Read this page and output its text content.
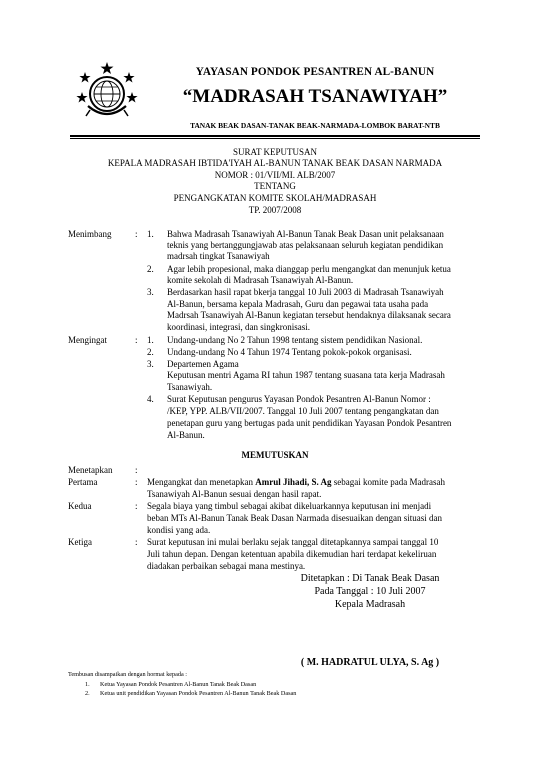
YAYASAN PONDOK PESANTREN AL-BANUN
“MADRASAH TSANAWIYAH”
TANAK BEAK DASAN-TANAK BEAK-NARMADA-LOMBOK BARAT-NTB
SURAT KEPUTUSAN
KEPALA MADRASAH IBTIDA'IYAH AL-BANUN TANAK BEAK DASAN NARMADA
NOMOR : 01/VII/MI. ALB/2007
TENTANG
PENGANGKATAN KOMITE SKOLAH/MADRASAH
TP. 2007/2008
Menimbang	: 1. Bahwa Madrasah Tsanawiyah Al-Banun Tanak Beak Dasan unit pelaksanaan
teknis yang bertanggungjawab atas pelaksanaan seluruh kegiatan pendidikan
madrsah tingkat Tsanawiyah
2. Agar lebih propesional, maka dianggap perlu mengangkat dan menunjuk ketua
komite sekolah di Madrasah Tsanawiyah Al-Banun.
3. Berdasarkan hasil rapat bkerja tanggal 10 Juli 2003 di Madrasah Tsanawiyah
Al-Banun, bersama kepala Madrasah, Guru dan pegawai tata usaha pada
Madrsah Tsanawiyah Al-Banun kegiatan tersebut hendaknya dilaksanak secara
koordinasi, integrasi, dan singkronisasi.
Mengingat	: 1. Undang-undang No 2 Tahun 1998 tentang sistem pendidikan Nasional.
2. Undang-undang No 4 Tahun 1974 Tentang pokok-pokok organisasi.
3. Departemen Agama
Keputusan mentri Agama RI tahun 1987 tentang suasana tata kerja Madrasah
Tsanawiyah.
4. Surat Keputusan pengurus Yayasan Pondok Pesantren Al-Banun Nomor :
/KEP, YPP. ALB/VII/2007. Tanggal 10 Juli 2007 tentang pengangkatan dan
penetapan guru yang bertugas pada unit pendidikan Yayasan Pondok Pesantren
Al-Banun.
MEMUTUSKAN
Menetapkan	:
Pertama	: Mengangkat dan menetapkan Amrul Jihadi, S. Ag sebagai komite pada Madrasah
Tsanawiyah Al-Banun sesuai dengan hasil rapat.
Kedua	: Segala biaya yang timbul sebagai akibat dikeluarkannya keputusan ini menjadi
beban MTs Al-Banun Tanak Beak Dasan Narmada disesuaikan dengan situasi dan
kondisi yang ada.
Ketiga	: Surat keputusan ini mulai berlaku sejak tanggal ditetapkannya sampai tanggal 10
Juli tahun depan. Dengan ketentuan apabila dikemudian hari terdapat kekeliruan
diadakan perbaikan sebagai mana mestinya.
Ditetapkan : Di Tanak Beak Dasan
Pada Tanggal : 10 Juli 2007
Kepala Madrasah
( M. HADRATUL ULYA, S. Ag )
Tembusan disampaikan dengan hormat kepada :
1. Ketua Yayasan Pondok Pesantren Al-Banun Tanak Beak Dasan
2. Ketua unit pendidikan Yayasan Pondok Pesantren Al-Banun Tanak Beak Dasan
